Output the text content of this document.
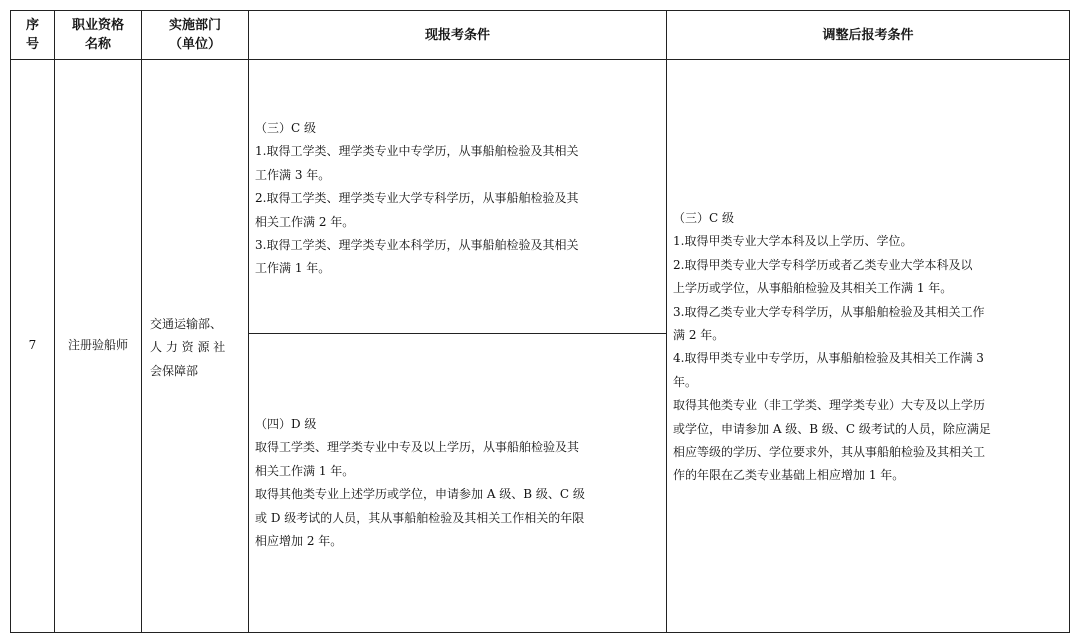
序
号
职业资格
名称
实施部门
（单位）
现报考条件	调整后报考条件
7	注册验船师

交通运输部、

人 力 资 源 社

会保障部

（三）C 级

1.取得工学类、理学类专业中专学历，从事船舶检验及其相关

工作满 3 年。

2.取得工学类、理学类专业大学专科学历，从事船舶检验及其

相关工作满 2 年。

3.取得工学类、理学类专业本科学历，从事船舶检验及其相关

工作满 1 年。

（四）D 级

取得工学类、理学类专业中专及以上学历，从事船舶检验及其

相关工作满 1 年。

取得其他类专业上述学历或学位，申请参加 A 级、B 级、C 级

或 D 级考试的人员，其从事船舶检验及其相关工作相关的年限

相应增加 2 年。

（三）C 级

1.取得甲类专业大学本科及以上学历、学位。

2.取得甲类专业大学专科学历或者乙类专业大学本科及以

上学历或学位，从事船舶检验及其相关工作满 1 年。

3.取得乙类专业大学专科学历，从事船舶检验及其相关工作

满 2 年。

4.取得甲类专业中专学历，从事船舶检验及其相关工作满 3

年。

取得其他类专业（非工学类、理学类专业）大专及以上学历

或学位，申请参加 A 级、B 级、C 级考试的人员，除应满足

相应等级的学历、学位要求外，其从事船舶检验及其相关工

作的年限在乙类专业基础上相应增加 1 年。
